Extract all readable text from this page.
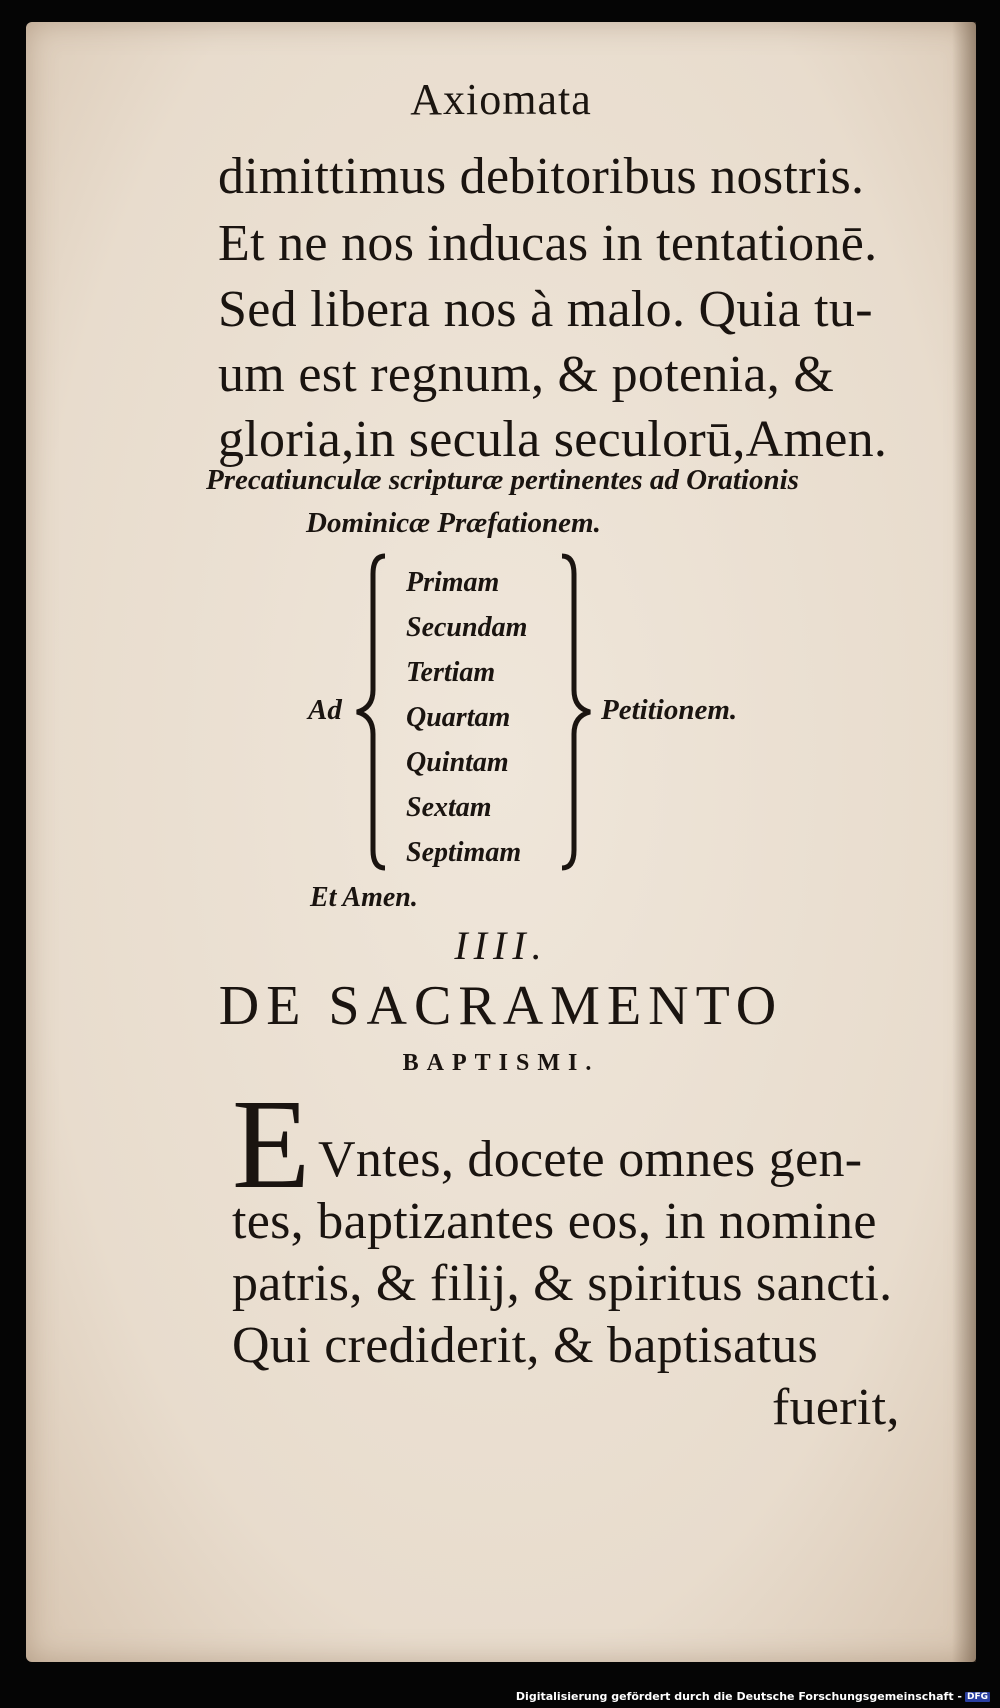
Axiomata
dimittimus debitoribus nostris.
Et ne nos inducas in tentationē.
Sed libera nos à malo. Quia tu-
um est regnum, & potenia, &
gloria,in secula seculorū,Amen.
Precatiunculæ scripturæ pertinentes ad Orationis
Dominicæ Præfationem.
Ad
Primam
Secundam
Tertiam
Quartam
Quintam
Sextam
Septimam
Petitionem.
Et Amen.
IIII.
DE SACRAMENTO
BAPTISMI.
E Vntes, docete omnes gen-
tes, baptizantes eos, in nomine
patris, & filij, & spiritus sancti.
Qui crediderit, & baptisatus
fuerit,
Digitalisierung gefördert durch die Deutsche Forschungsgemeinschaft - DFG
